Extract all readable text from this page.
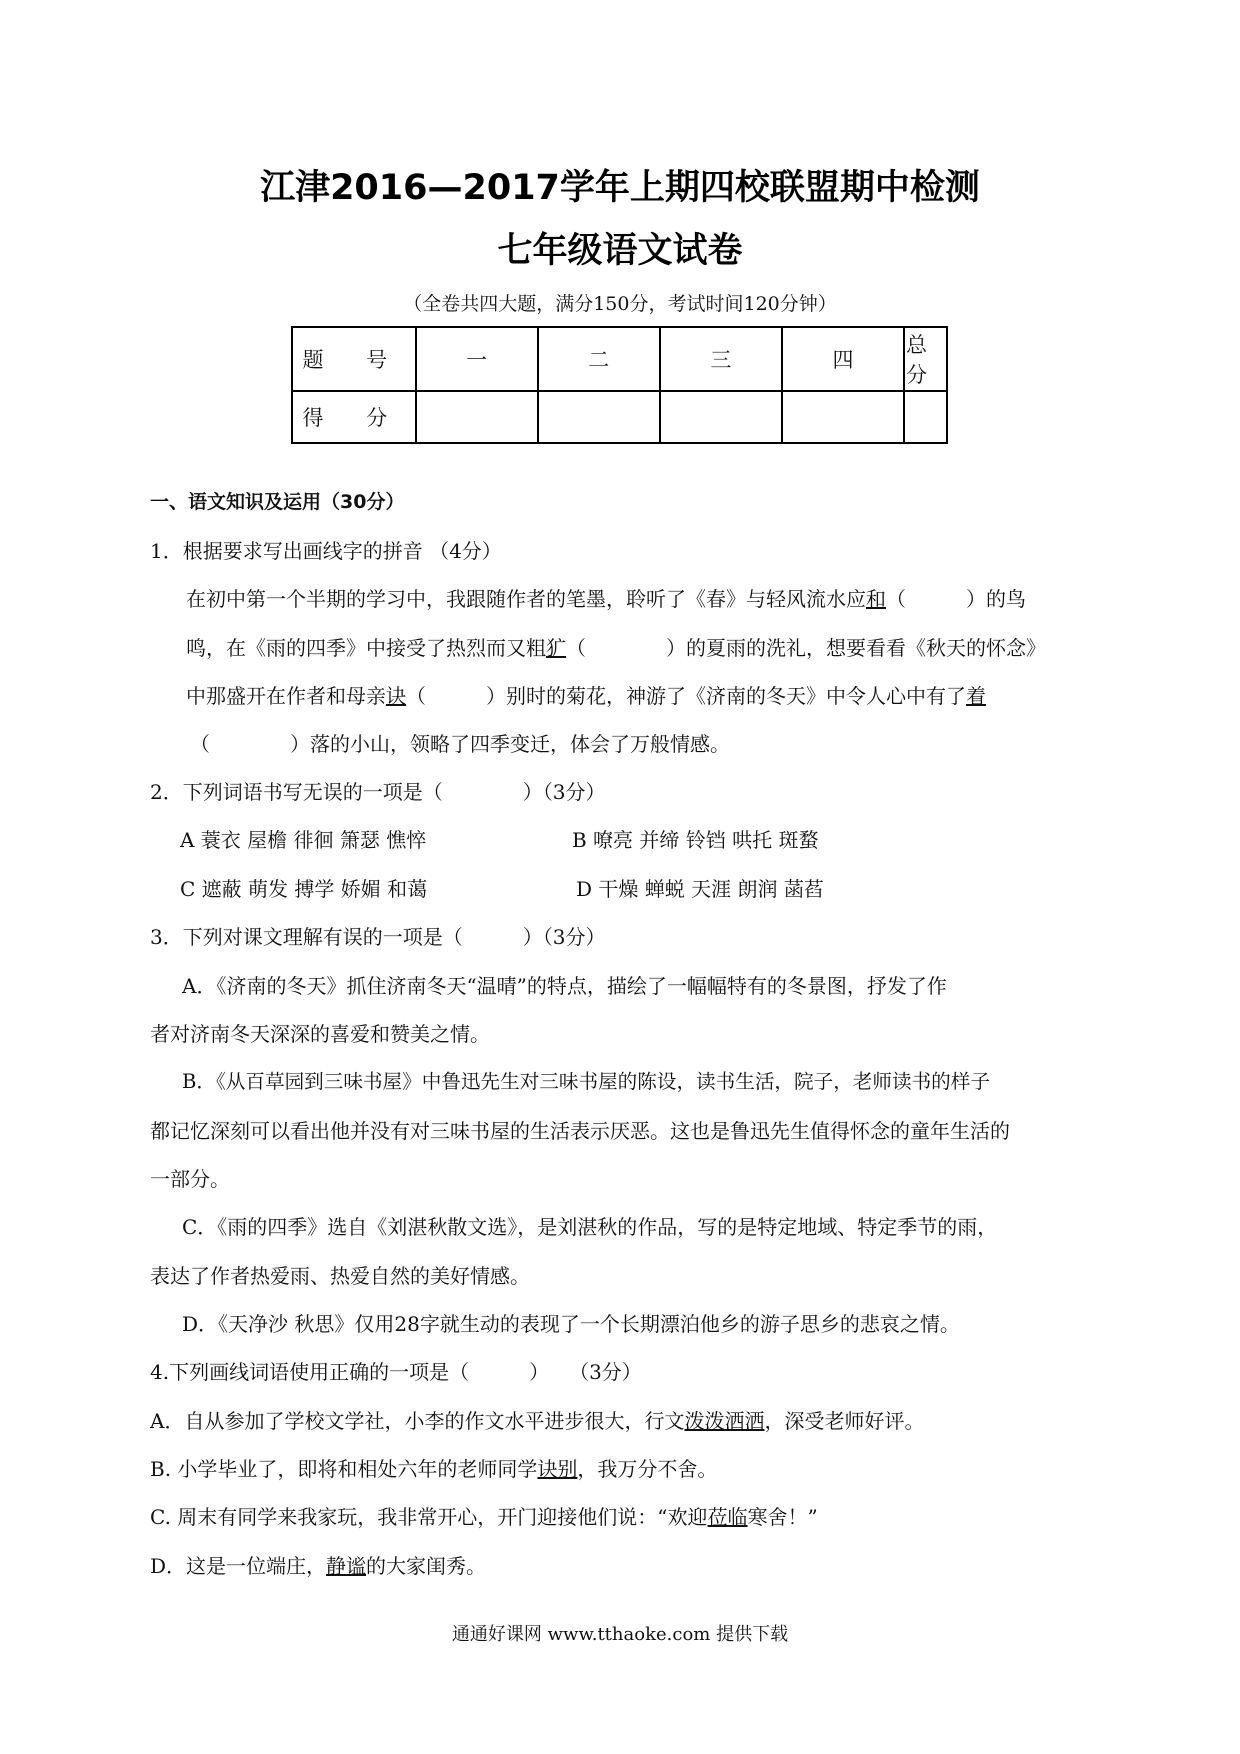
江津2016—2017学年上期四校联盟期中检测
七年级语文试卷
（全卷共四大题，满分150分，考试时间120分钟）
题 号	一	二	三	四	总 分
得 分					
一、语文知识及运用（30分）
1．根据要求写出画线字的拼音 （4分）
在初中第一个半期的学习中，我跟随作者的笔墨，聆听了《春》与轻风流水应和（　　　）的鸟
鸣，在《雨的四季》中接受了热烈而又粗犷（　　　　）的夏雨的洗礼，想要看看《秋天的怀念》
中那盛开在作者和母亲诀（　　　）别时的菊花，神游了《济南的冬天》中令人心中有了着
（　　　　）落的小山，领略了四季变迁，体会了万般情感。
2．下列词语书写无误的一项是（　　　　）（3分）
A 蓑衣 屋檐 徘徊 箫瑟 憔悴	B 嘹亮 并缔 铃铛 哄托 斑蝥
C 遮蔽 萌发 搏学 娇媚 和蔼	D 干燥 蝉蜕 天涯 朗润 菡萏
3．下列对课文理解有误的一项是（　　　）（3分）
A．《济南的冬天》抓住济南冬天“温晴”的特点，描绘了一幅幅特有的冬景图，抒发了作
者对济南冬天深深的喜爱和赞美之情。
B．《从百草园到三味书屋》中鲁迅先生对三味书屋的陈设，读书生活，院子，老师读书的样子
都记忆深刻可以看出他并没有对三味书屋的生活表示厌恶。这也是鲁迅先生值得怀念的童年生活的
一部分。
C．《雨的四季》选自《刘湛秋散文选》，是刘湛秋的作品，写的是特定地域、特定季节的雨，
表达了作者热爱雨、热爱自然的美好情感。
D．《天净沙 秋思》仅用28字就生动的表现了一个长期漂泊他乡的游子思乡的悲哀之情。
4.下列画线词语使用正确的一项是（　　　）　　（3分）
A．自从参加了学校文学社，小李的作文水平进步很大，行文泼泼洒洒，深受老师好评。
B. 小学毕业了，即将和相处六年的老师同学诀别，我万分不舍。
C. 周末有同学来我家玩，我非常开心，开门迎接他们说：“欢迎莅临寒舍！”
D．这是一位端庄，静谧的大家闺秀。
通通好课网 www.tthaoke.com 提供下载
